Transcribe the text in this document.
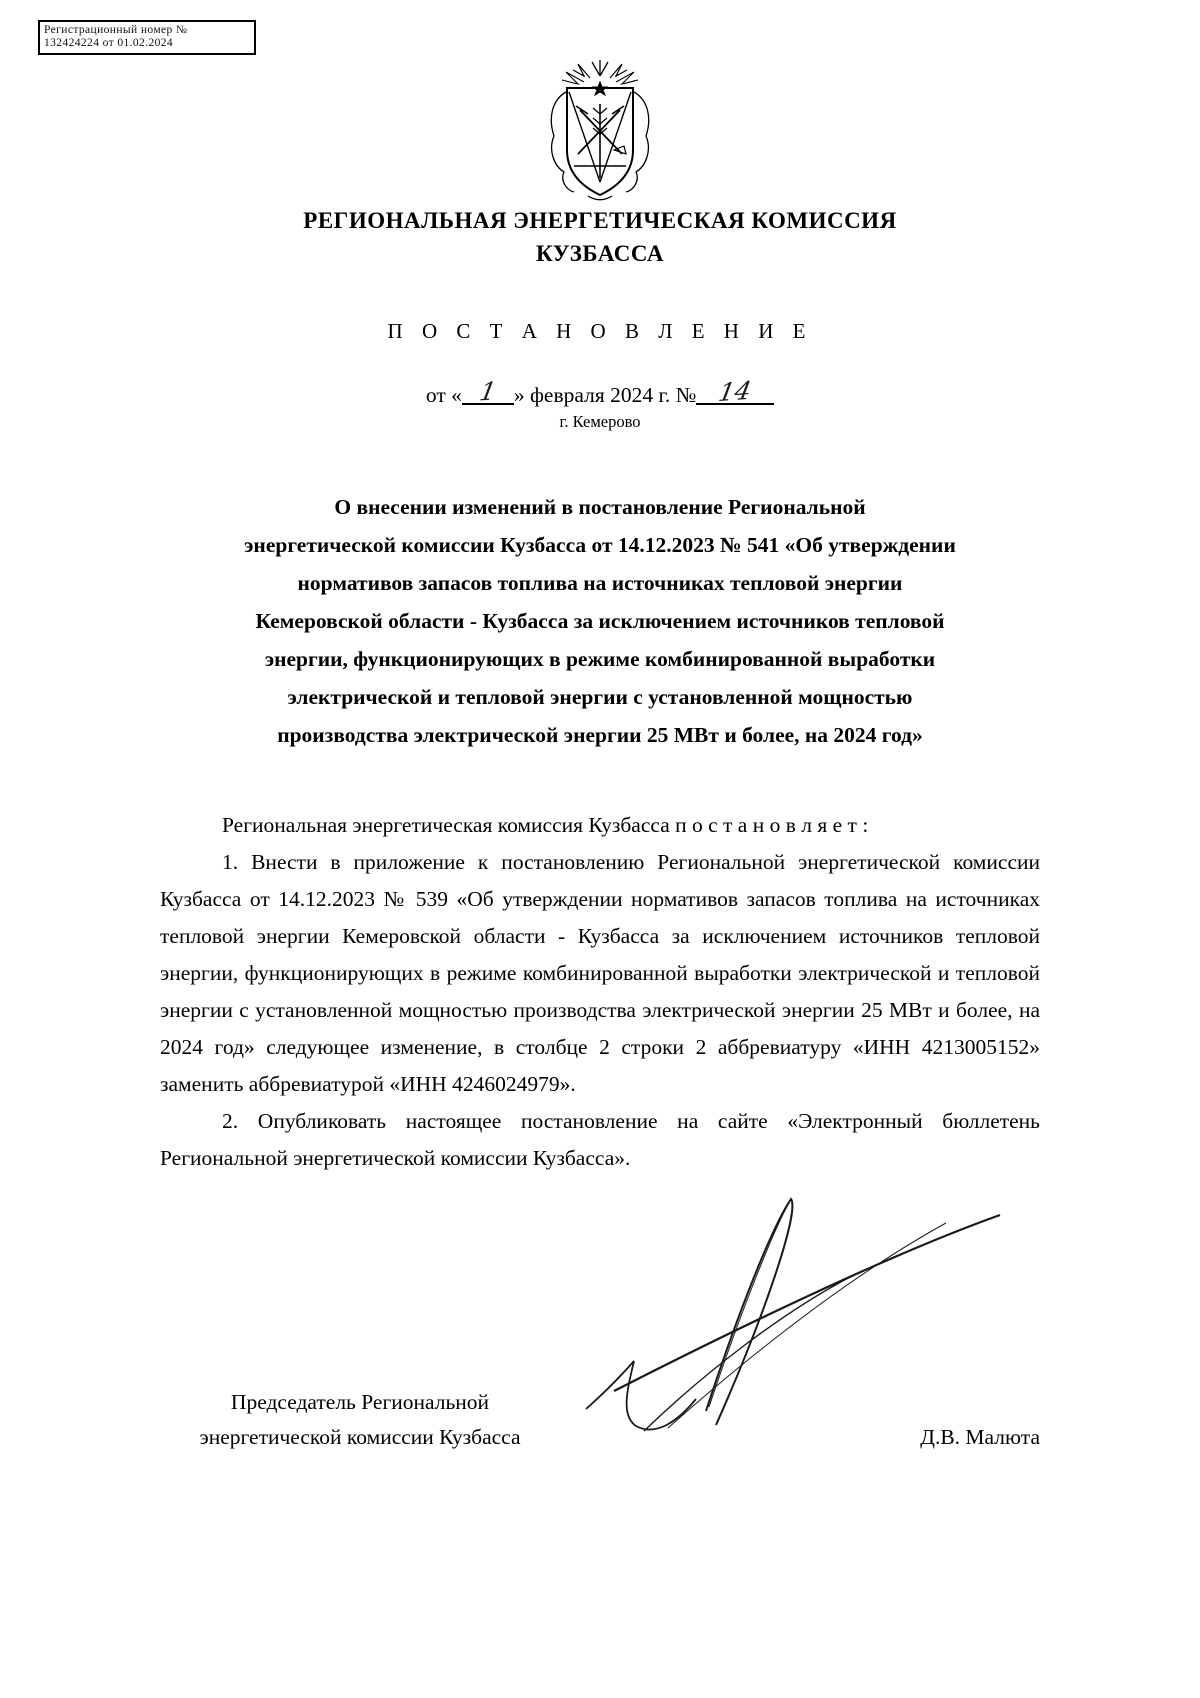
Регистрационный номер №
132424224 от 01.02.2024
РЕГИОНАЛЬНАЯ ЭНЕРГЕТИЧЕСКАЯ КОМИССИЯ
КУЗБАССА
П О С Т А Н О В Л Е Н И Е
от « 1 » февраля 2024 г. № 14
г. Кемерово
О внесении изменений в постановление Региональной
энергетической комиссии Кузбасса от 14.12.2023 № 541 «Об утверждении
нормативов запасов топлива на источниках тепловой энергии
Кемеровской области - Кузбасса за исключением источников тепловой
энергии, функционирующих в режиме комбинированной выработки
электрической и тепловой энергии с установленной мощностью
производства электрической энергии 25 МВт и более, на 2024 год»

Региональная энергетическая комиссия Кузбасса п о с т а н о в л я е т :

1. Внести в приложение к постановлению Региональной энергетической комиссии Кузбасса от 14.12.2023 № 539 «Об утверждении нормативов запасов топлива на источниках тепловой энергии Кемеровской области - Кузбасса за исключением источников тепловой энергии, функционирующих в режиме комбинированной выработки электрической и тепловой энергии с установленной мощностью производства электрической энергии 25 МВт и более, на 2024 год» следующее изменение, в столбце 2 строки 2 аббревиатуру «ИНН 4213005152» заменить аббревиатурой «ИНН 4246024979».

2. Опубликовать настоящее постановление на сайте «Электронный бюллетень Региональной энергетической комиссии Кузбасса».

Председатель Региональной
энергетической комиссии Кузбасса	Д.В. Малюта
